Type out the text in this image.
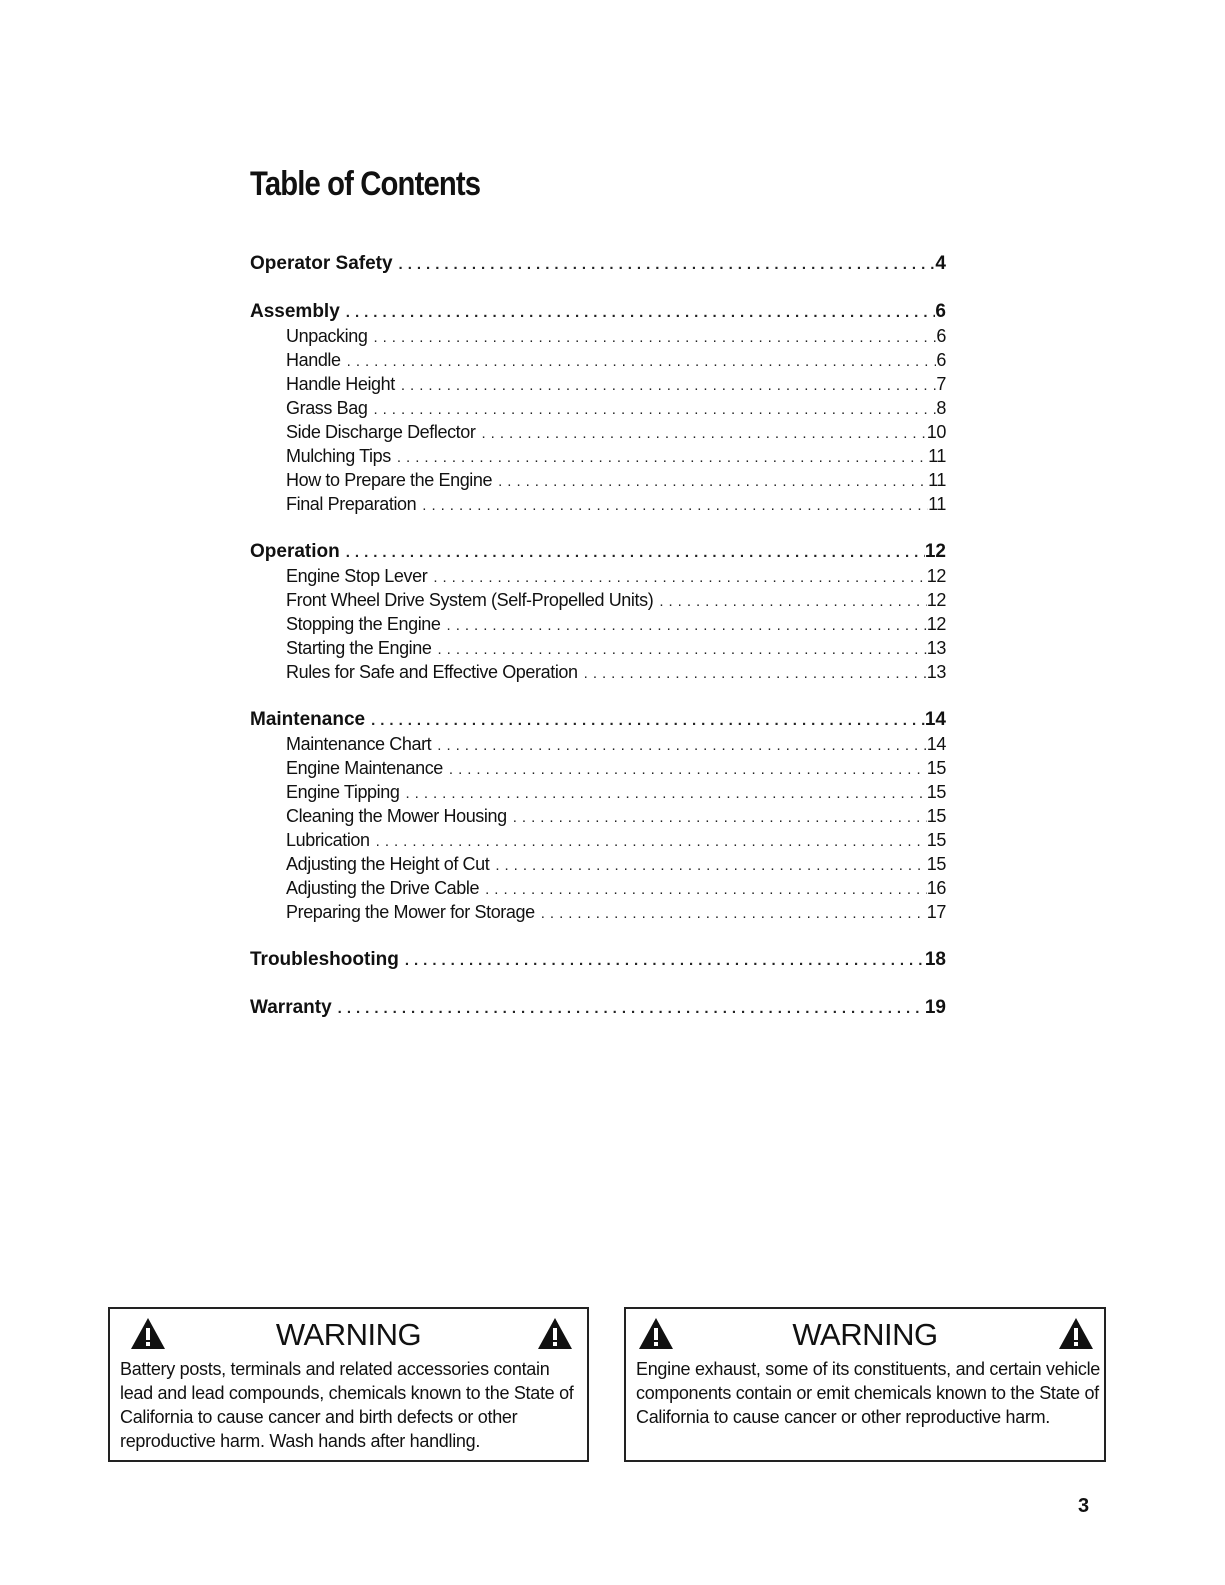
Table of Contents
Operator Safety .....	4
Assembly .....	6
Unpacking .....	6
Handle .....	6
Handle Height .....	7
Grass Bag .....	8
Side Discharge Deflector .....	10
Mulching Tips .....	11
How to Prepare the Engine .....	11
Final Preparation .....	11
Operation .....	12
Engine Stop Lever .....	12
Front Wheel Drive System (Self-Propelled Units) .....	12
Stopping the Engine .....	12
Starting the Engine .....	13
Rules for Safe and Effective Operation .....	13
Maintenance .....	14
Maintenance Chart .....	14
Engine Maintenance .....	15
Engine Tipping .....	15
Cleaning the Mower Housing .....	15
Lubrication .....	15
Adjusting the Height of Cut .....	15
Adjusting the Drive Cable .....	16
Preparing the Mower for Storage .....	17
Troubleshooting .....	18
Warranty .....	19
WARNING
Battery posts, terminals and related accessories contain lead and lead compounds, chemicals known to the State of California to cause cancer and birth defects or other reproductive harm. Wash hands after handling.
WARNING
Engine exhaust, some of its constituents, and certain vehicle components contain or emit chemicals known to the State of California to cause cancer or other reproductive harm.
3
